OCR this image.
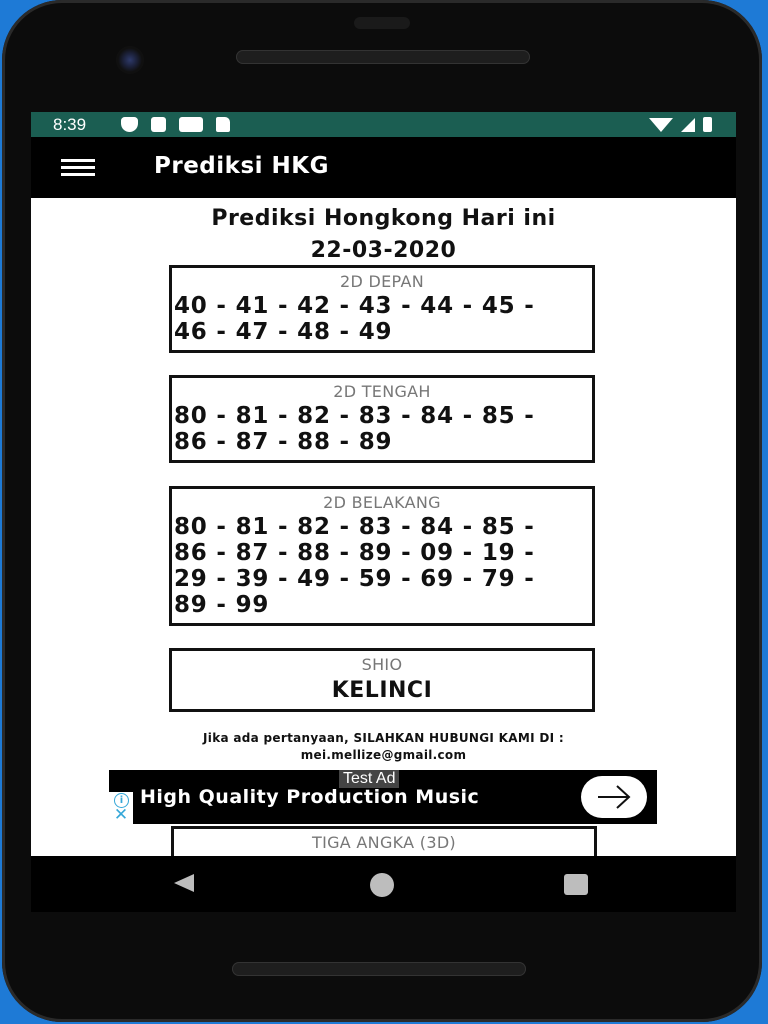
8:39
Prediksi HKG
Prediksi Hongkong Hari ini
22-03-2020
2D DEPAN
40 - 41 - 42 - 43 - 44 - 45 -
46 - 47 - 48 - 49
2D TENGAH
80 - 81 - 82 - 83 - 84 - 85 -
86 - 87 - 88 - 89
2D BELAKANG
80 - 81 - 82 - 83 - 84 - 85 -
86 - 87 - 88 - 89 - 09 - 19 -
29 - 39 - 49 - 59 - 69 - 79 -
89 - 99
SHIO
KELINCI
Jika ada pertanyaan, SILAHKAN HUBUNGI KAMI DI :
mei.mellize@gmail.com
TIGA ANGKA (3D)
Test Ad
High Quality Production Music
i
✕
